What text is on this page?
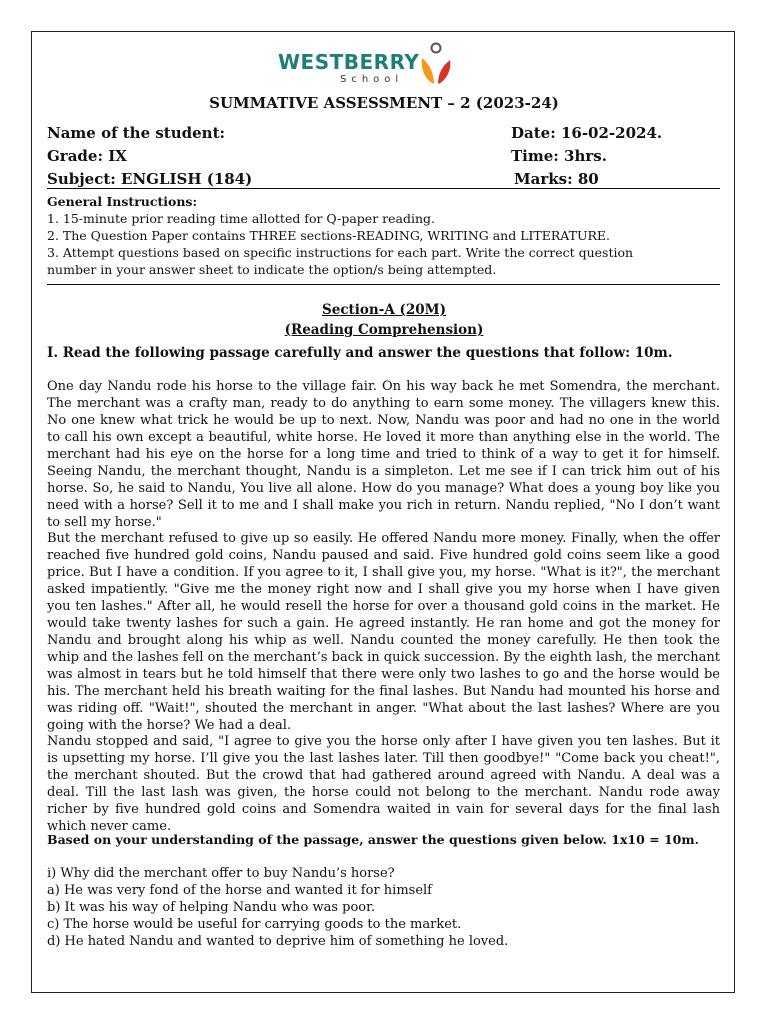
WESTBERRY
School
SUMMATIVE ASSESSMENT – 2 (2023-24)
Name of the student:	Date: 16-02-2024.
Grade: IX	Time: 3hrs.
Subject: ENGLISH (184)	Marks: 80
General Instructions:
1. 15-minute prior reading time allotted for Q-paper reading.
2. The Question Paper contains THREE sections-READING, WRITING and LITERATURE.
3. Attempt questions based on specific instructions for each part. Write the correct question
number in your answer sheet to indicate the option/s being attempted.
Section-A (20M)
(Reading Comprehension)
I. Read the following passage carefully and answer the questions that follow: 10m.

One day Nandu rode his horse to the village fair. On his way back he met Somendra, the merchant. The merchant was a crafty man, ready to do anything to earn some money. The villagers knew this. No one knew what trick he would be up to next. Now, Nandu was poor and had no one in the world to call his own except a beautiful, white horse. He loved it more than anything else in the world. The merchant had his eye on the horse for a long time and tried to think of a way to get it for himself. Seeing Nandu, the merchant thought, Nandu is a simpleton. Let me see if I can trick him out of his horse. So, he said to Nandu, You live all alone. How do you manage? What does a young boy like you need with a horse? Sell it to me and I shall make you rich in return. Nandu replied, "No I don’t want to sell my horse."

But the merchant refused to give up so easily. He offered Nandu more money. Finally, when the offer reached five hundred gold coins, Nandu paused and said. Five hundred gold coins seem like a good price. But I have a condition. If you agree to it, I shall give you, my horse. "What is it?", the merchant asked impatiently. "Give me the money right now and I shall give you my horse when I have given you ten lashes." After all, he would resell the horse for over a thousand gold coins in the market. He would take twenty lashes for such a gain. He agreed instantly. He ran home and got the money for Nandu and brought along his whip as well. Nandu counted the money carefully. He then took the whip and the lashes fell on the merchant’s back in quick succession. By the eighth lash, the merchant was almost in tears but he told himself that there were only two lashes to go and the horse would be his. The merchant held his breath waiting for the final lashes. But Nandu had mounted his horse and was riding off. "Wait!", shouted the merchant in anger. "What about the last lashes? Where are you going with the horse? We had a deal.

Nandu stopped and said, "I agree to give you the horse only after I have given you ten lashes. But it is upsetting my horse. I’ll give you the last lashes later. Till then goodbye!" "Come back you cheat!", the merchant shouted. But the crowd that had gathered around agreed with Nandu. A deal was a deal. Till the last lash was given, the horse could not belong to the merchant. Nandu rode away richer by five hundred gold coins and Somendra waited in vain for several days for the final lash which never came.

Based on your understanding of the passage, answer the questions given below. 1x10 = 10m.
i) Why did the merchant offer to buy Nandu’s horse?
a) He was very fond of the horse and wanted it for himself
b) It was his way of helping Nandu who was poor.
c) The horse would be useful for carrying goods to the market.
d) He hated Nandu and wanted to deprive him of something he loved.
